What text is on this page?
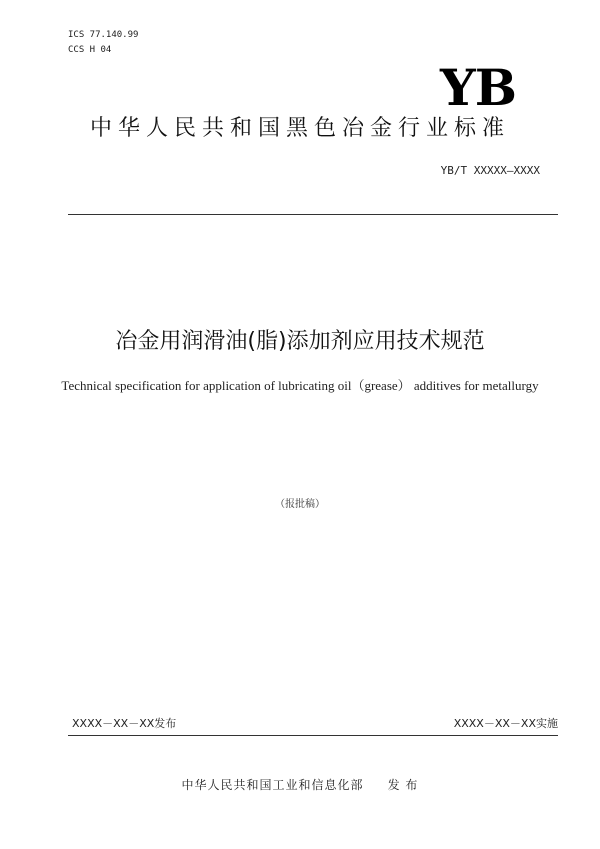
ICS 77.140.99
CCS H 04
YB
中华人民共和国黑色冶金行业标准
YB/T XXXXX—XXXX
冶金用润滑油(脂)添加剂应用技术规范
Technical specification for application of lubricating oil（grease） additives for metallurgy
（报批稿）
XXXX－XX－XX发布	XXXX－XX－XX实施
中华人民共和国工业和信息化部     发 布
